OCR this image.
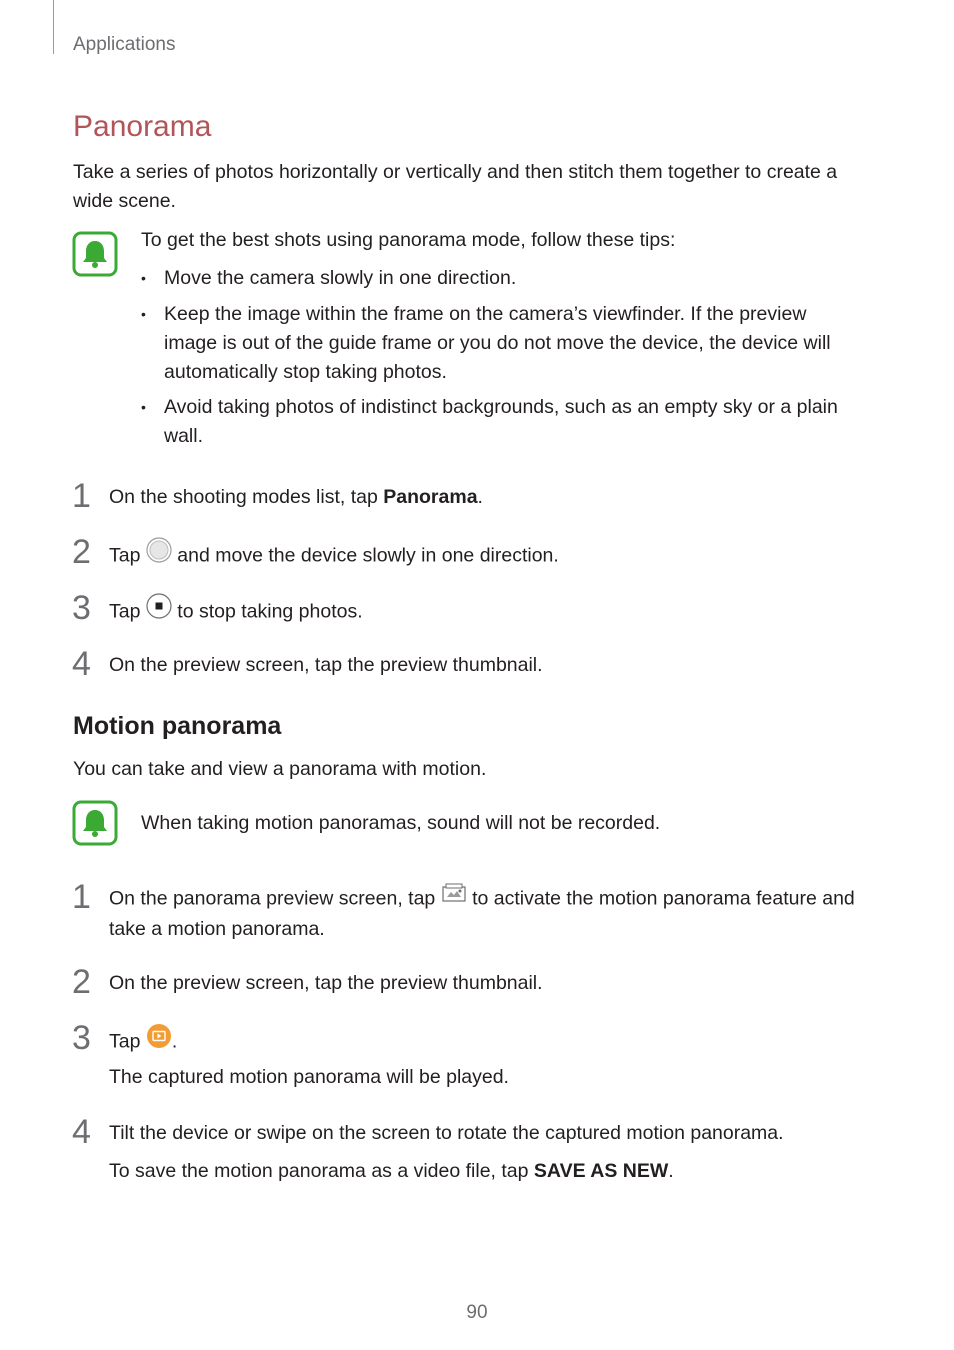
Applications
Panorama
Take a series of photos horizontally or vertically and then stitch them together to create a wide scene.
To get the best shots using panorama mode, follow these tips:
• Move the camera slowly in one direction.
• Keep the image within the frame on the camera’s viewfinder. If the preview image is out of the guide frame or you do not move the device, the device will automatically stop taking photos.
• Avoid taking photos of indistinct backgrounds, such as an empty sky or a plain wall.
1 On the shooting modes list, tap Panorama.
2 Tap  and move the device slowly in one direction.
3 Tap  to stop taking photos.
4 On the preview screen, tap the preview thumbnail.
Motion panorama
You can take and view a panorama with motion.
When taking motion panoramas, sound will not be recorded.
1 On the panorama preview screen, tap  to activate the motion panorama feature and take a motion panorama.
2 On the preview screen, tap the preview thumbnail.
3 Tap .
The captured motion panorama will be played.
4 Tilt the device or swipe on the screen to rotate the captured motion panorama.
To save the motion panorama as a video file, tap SAVE AS NEW.
90
